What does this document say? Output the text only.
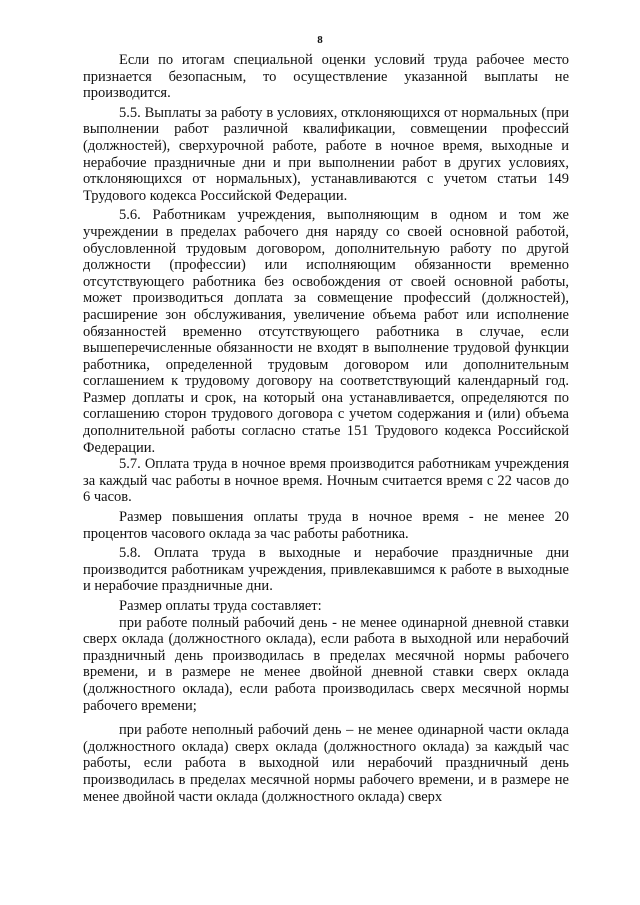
8

Если по итогам специальной оценки условий труда рабочее место признается безопасным, то осуществление указанной выплаты не производится.

5.5. Выплаты за работу в условиях, отклоняющихся от нормальных (при выполнении работ различной квалификации, совмещении профессий (должностей), сверхурочной работе, работе в ночное время, выходные и нерабочие праздничные дни и при выполнении работ в других условиях, отклоняющихся от нормальных), устанавливаются с учетом статьи 149 Трудового кодекса Российской Федерации.

5.6. Работникам учреждения, выполняющим в одном и том же учреждении в пределах рабочего дня наряду со своей основной работой, обусловленной трудовым договором, дополнительную работу по другой должности (профессии) или исполняющим обязанности временно отсутствующего работника без освобождения от своей основной работы, может производиться доплата за совмещение профессий (должностей), расширение зон обслуживания, увеличение объема работ или исполнение обязанностей временно отсутствующего работника в случае, если вышеперечисленные обязанности не входят в выполнение трудовой функции работника, определенной трудовым договором или дополнительным соглашением к трудовому договору на соответствующий календарный год. Размер доплаты и срок, на который она устанавливается, определяются по соглашению сторон трудового договора с учетом содержания и (или) объема дополнительной работы согласно статье 151 Трудового кодекса Российской Федерации.

5.7. Оплата труда в ночное время производится работникам учреждения за каждый час работы в ночное время. Ночным считается время с 22 часов до 6 часов.

Размер повышения оплаты труда в ночное время - не менее 20 процентов часового оклада за час работы работника.

5.8. Оплата труда в выходные и нерабочие праздничные дни производится работникам учреждения, привлекавшимся к работе в выходные и нерабочие праздничные дни.

Размер оплаты труда составляет:

при работе полный рабочий день - не менее одинарной дневной ставки сверх оклада (должностного оклада), если работа в выходной или нерабочий праздничный день производилась в пределах месячной нормы рабочего времени, и в размере не менее двойной дневной ставки сверх оклада (должностного оклада), если работа производилась сверх месячной нормы рабочего времени;

при работе неполный рабочий день – не менее одинарной части оклада (должностного оклада) сверх оклада (должностного оклада) за каждый час работы, если работа в выходной или нерабочий праздничный день производилась в пределах месячной нормы рабочего времени, и в размере не менее двойной части оклада (должностного оклада) сверх
